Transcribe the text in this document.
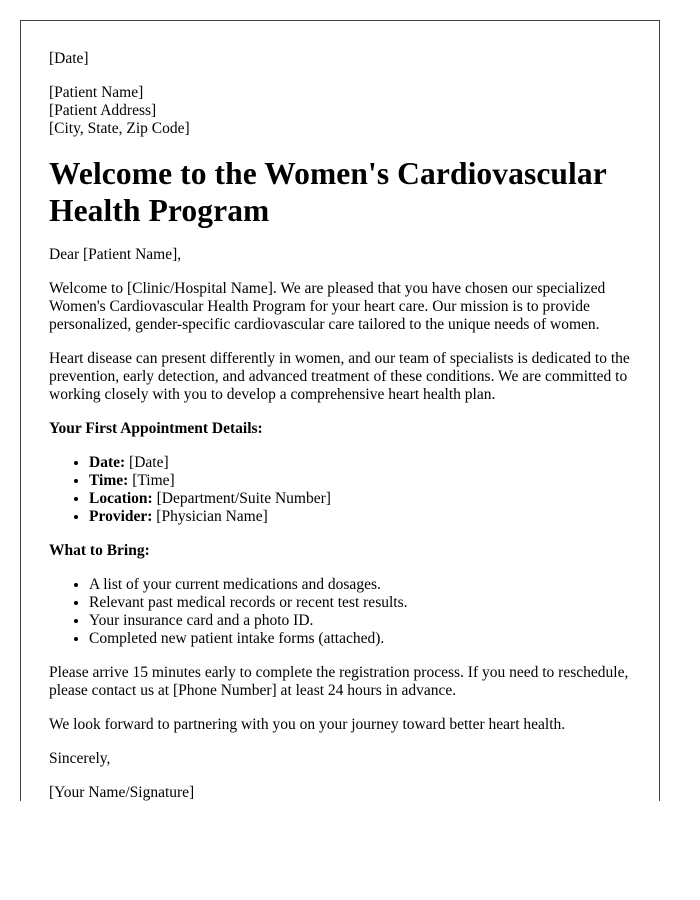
[Date]
[Patient Name]
[Patient Address]
[City, State, Zip Code]
Welcome to the Women's Cardiovascular Health Program

Dear [Patient Name],

Welcome to [Clinic/Hospital Name]. We are pleased that you have chosen our specialized Women's Cardiovascular Health Program for your heart care. Our mission is to provide personalized, gender-specific cardiovascular care tailored to the unique needs of women.

Heart disease can present differently in women, and our team of specialists is dedicated to the prevention, early detection, and advanced treatment of these conditions. We are committed to working closely with you to develop a comprehensive heart health plan.

Your First Appointment Details:

• Date: [Date]
• Time: [Time]
• Location: [Department/Suite Number]
• Provider: [Physician Name]

What to Bring:

• A list of your current medications and dosages.
• Relevant past medical records or recent test results.
• Your insurance card and a photo ID.
• Completed new patient intake forms (attached).

Please arrive 15 minutes early to complete the registration process. If you need to reschedule, please contact us at [Phone Number] at least 24 hours in advance.

We look forward to partnering with you on your journey toward better heart health.

Sincerely,

[Your Name/Signature]
